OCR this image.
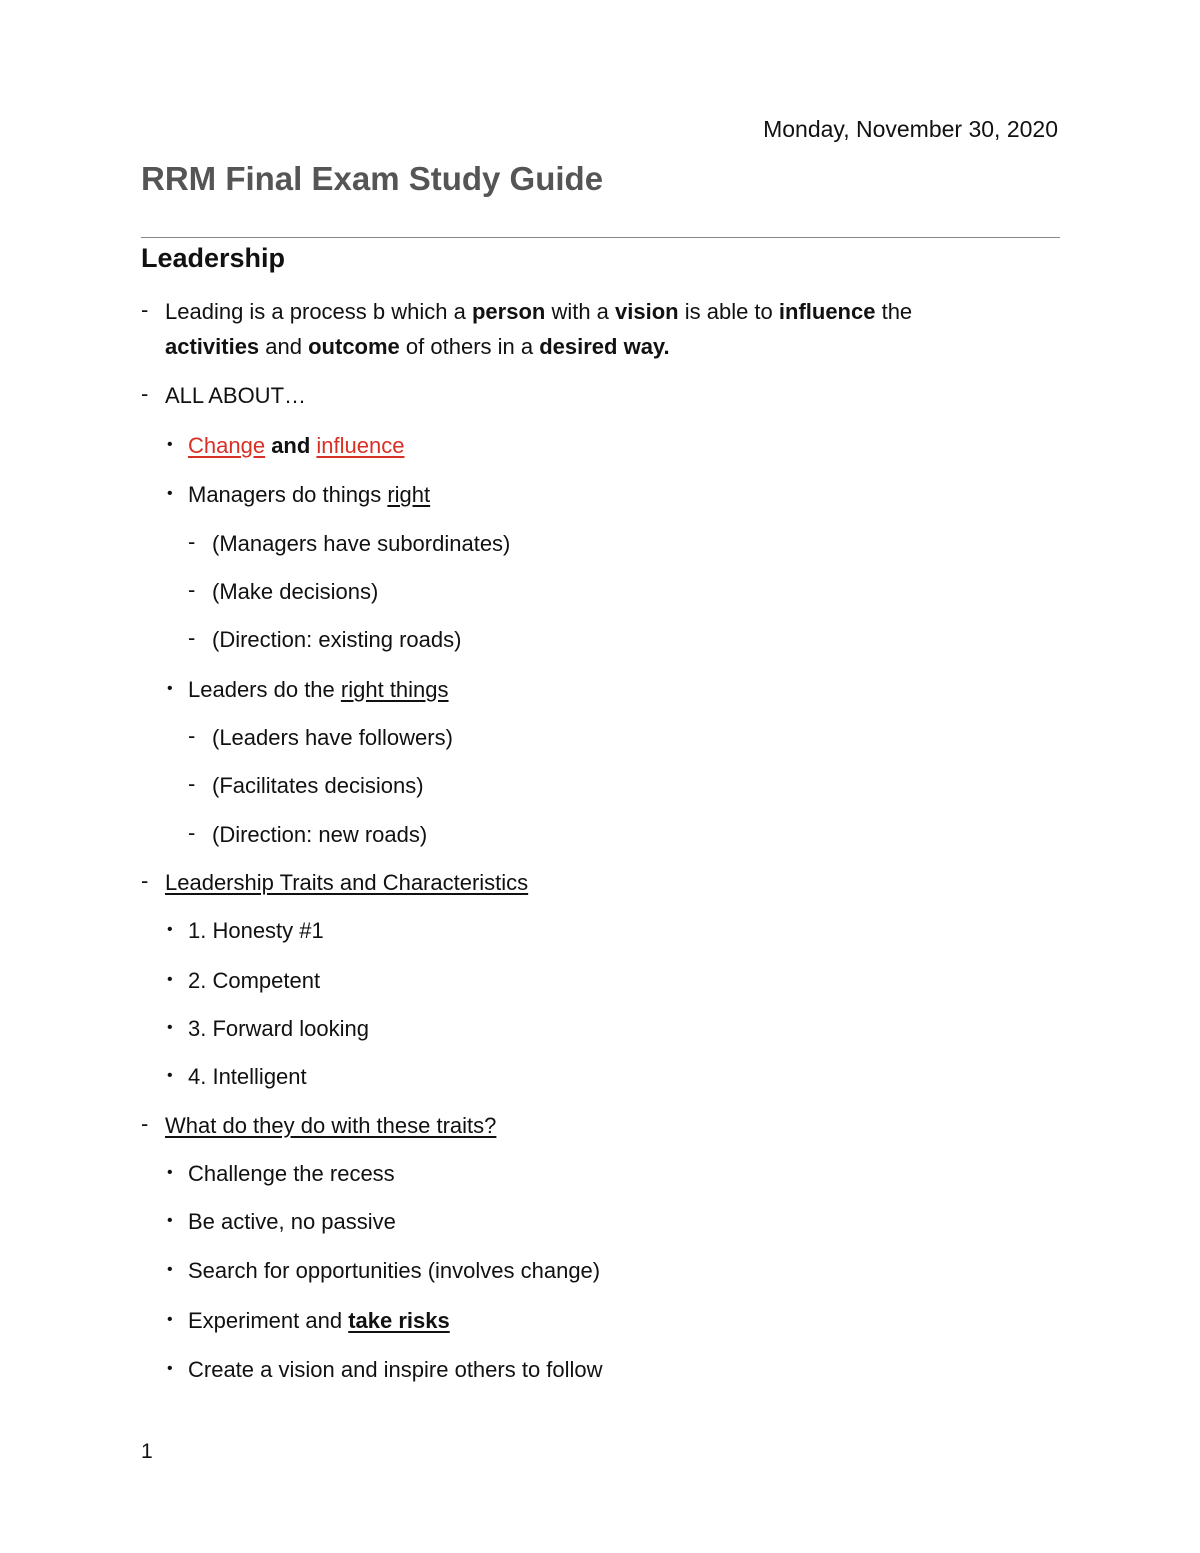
Monday, November 30, 2020
RRM Final Exam Study Guide
Leadership
- Leading is a process b which a person with a vision is able to influence the
activities and outcome of others in a desired way.
- ALL ABOUT…
• Change and influence
• Managers do things right
- (Managers have subordinates)
- (Make decisions)
- (Direction: existing roads)
• Leaders do the right things
- (Leaders have followers)
- (Facilitates decisions)
- (Direction: new roads)
- Leadership Traits and Characteristics
• 1. Honesty #1
• 2. Competent
• 3. Forward looking
• 4. Intelligent
- What do they do with these traits?
• Challenge the recess
• Be active, no passive
• Search for opportunities (involves change)
• Experiment and take risks
• Create a vision and inspire others to follow
1
